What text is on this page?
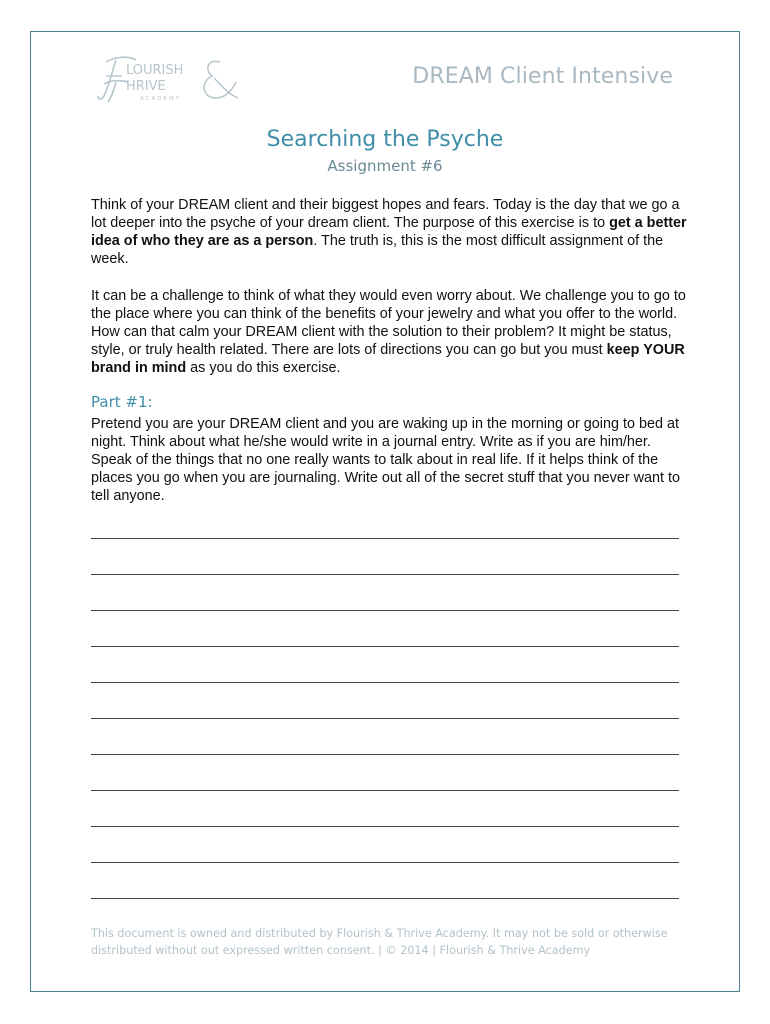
LOURISH
HRIVE
ACADEMY
DREAM Client Intensive
Searching the Psyche
Assignment #6
Think of your DREAM client and their biggest hopes and fears. Today is the day that we go a lot deeper into the psyche of your dream client. The purpose of this exercise is to get a better idea of who they are as a person. The truth is, this is the most difficult assignment of the week.
It can be a challenge to think of what they would even worry about. We challenge you to go to the place where you can think of the benefits of your jewelry and what you offer to the world. How can that calm your DREAM client with the solution to their problem? It might be status, style, or truly health related. There are lots of directions you can go but you must keep YOUR brand in mind as you do this exercise.
Part #1:
Pretend you are your DREAM client and you are waking up in the morning or going to bed at night. Think about what he/she would write in a journal entry. Write as if you are him/her. Speak of the things that no one really wants to talk about in real life. If it helps think of the places you go when you are journaling. Write out all of the secret stuff that you never want to tell anyone.
This document is owned and distributed by Flourish & Thrive Academy. It may not be sold or otherwise distributed without out expressed written consent. | © 2014 | Flourish & Thrive Academy
